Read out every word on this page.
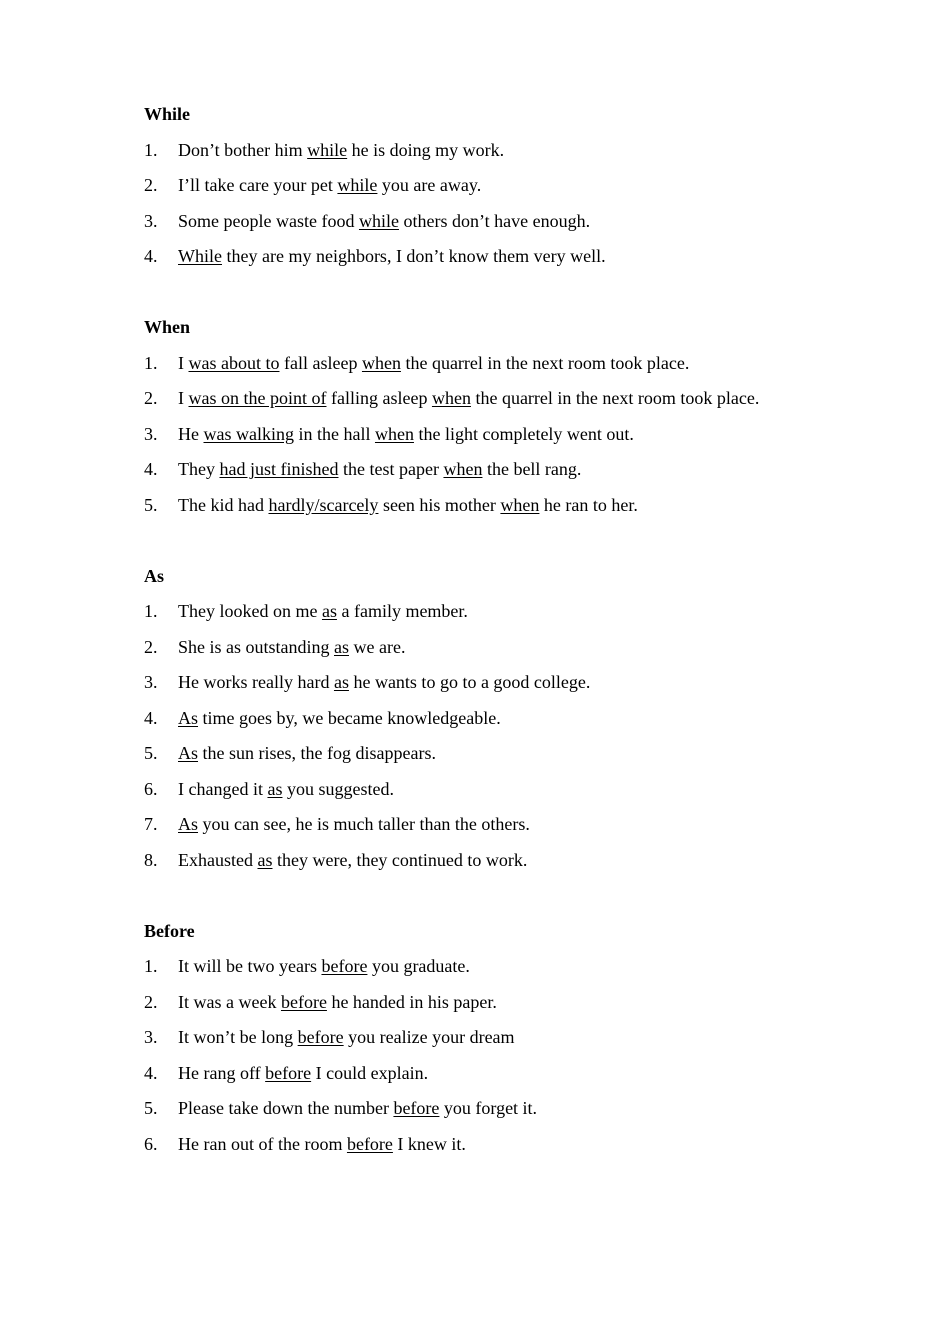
While
1.	Don’t bother him while he is doing my work.
2.	I’ll take care your pet while you are away.
3.	Some people waste food while others don’t have enough.
4.	While they are my neighbors, I don’t know them very well.
When
1.	I was about to fall asleep when the quarrel in the next room took place.
2.	I was on the point of falling asleep when the quarrel in the next room took place.
3.	He was walking in the hall when the light completely went out.
4.	They had just finished the test paper when the bell rang.
5.	The kid had hardly/scarcely seen his mother when he ran to her.
As
1.	They looked on me as a family member.
2.	She is as outstanding as we are.
3.	He works really hard as he wants to go to a good college.
4.	As time goes by, we became knowledgeable.
5.	As the sun rises, the fog disappears.
6.	I changed it as you suggested.
7.	As you can see, he is much taller than the others.
8.	Exhausted as they were, they continued to work.
Before
1.	It will be two years before you graduate.
2.	It was a week before he handed in his paper.
3.	It won’t be long before you realize your dream
4.	He rang off before I could explain.
5.	Please take down the number before you forget it.
6.	He ran out of the room before I knew it.
